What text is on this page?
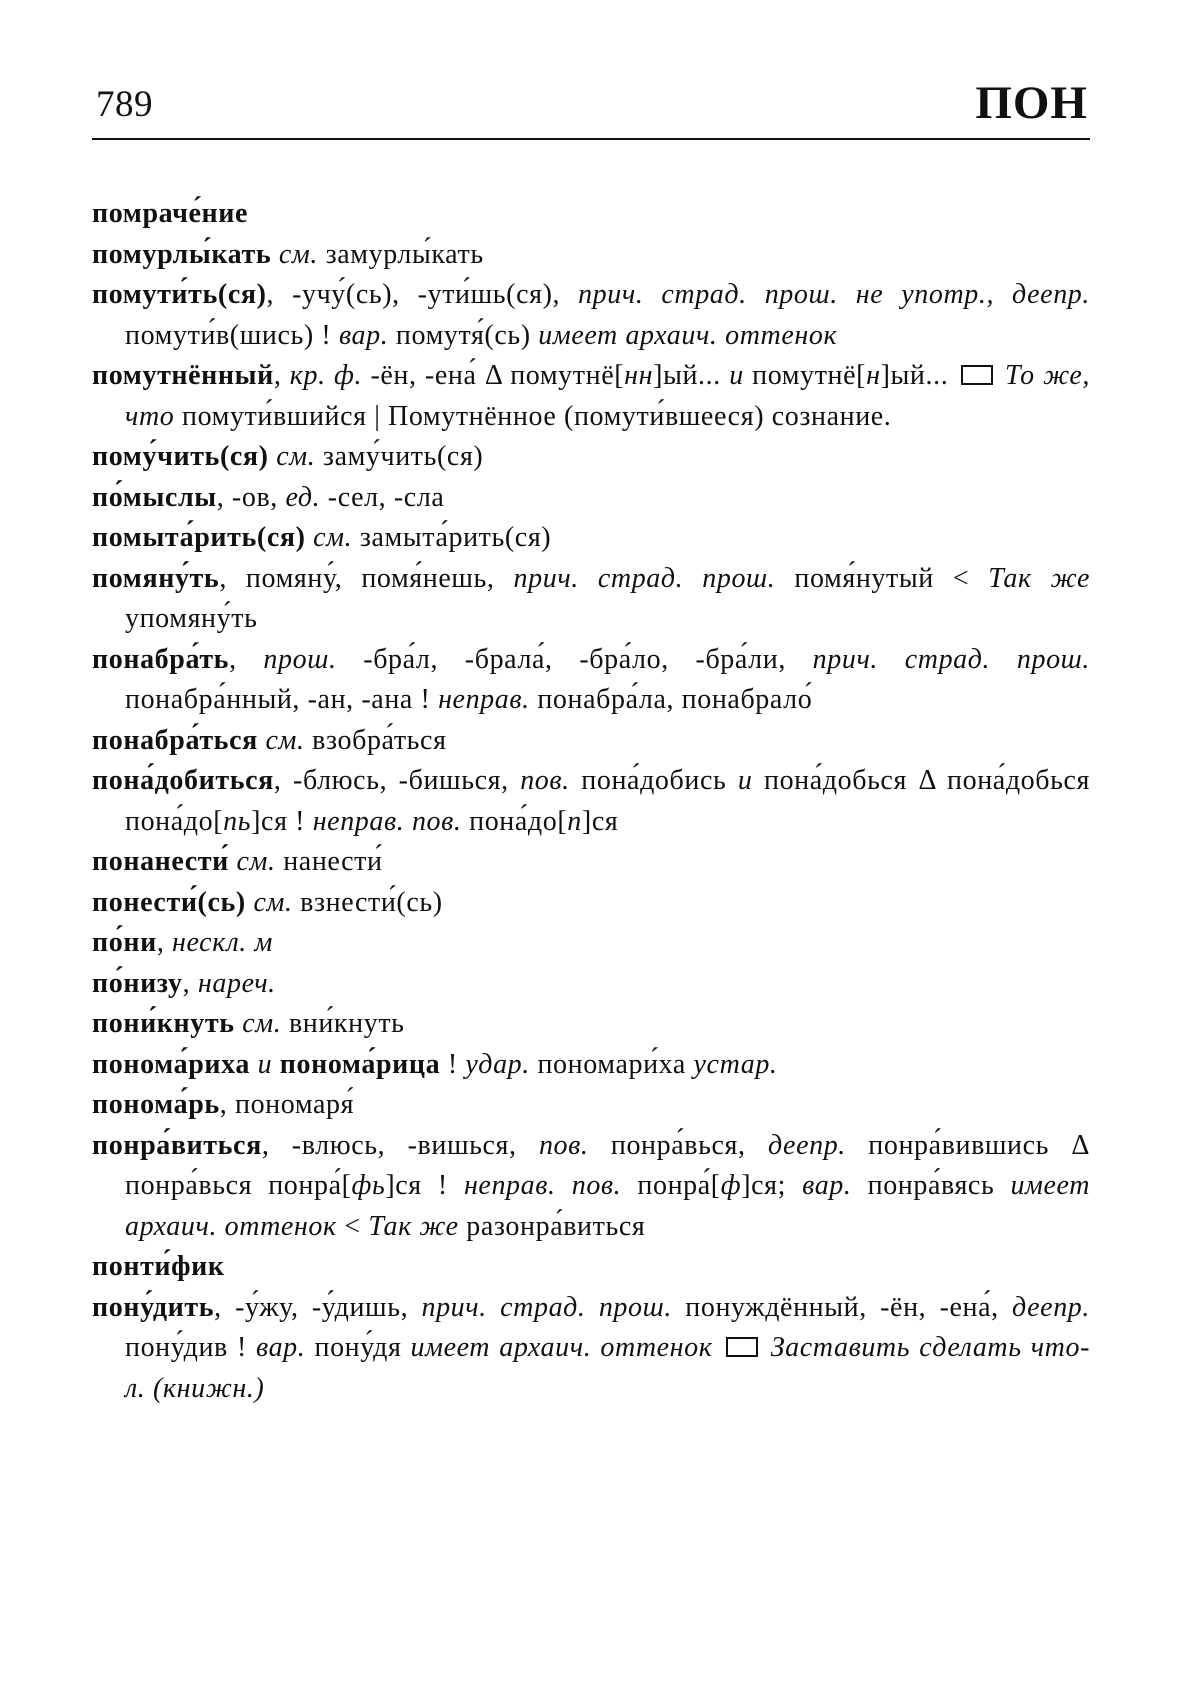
789	ПОН
помраче́ние
помурлы́кать см. замурлы́кать
помути́ть(ся), -учу́(сь), -ути́шь(ся), прич. страд. прош. не употр., деепр. помути́в(шись) ! вар. помутя́(сь) имеет архаич. оттенок
помутнённый, кр. ф. -ён, -ена́ Δ помутнё[нн]ый... и помутнё[н]ый...  То же, что помути́вшийся | Помутнённое (помути́вшееся) сознание.
пому́чить(ся) см. заму́чить(ся)
по́мыслы, -ов, ед. -сел, -сла
помыта́рить(ся) см. замыта́рить(ся)
помяну́ть, помяну́, помя́нешь, прич. страд. прош. помя́нутый < Так же упомяну́ть
понабра́ть, прош. -бра́л, -брала́, -бра́ло, -бра́ли, прич. страд. прош. понабра́нный, -ан, -ана ! неправ. понабра́ла, понабрало́
понабра́ться см. взобра́ться
пона́добиться, -блюсь, -бишься, пов. пона́добись и пона́добься Δ пона́добься пона́до[пь]ся ! неправ. пов. пона́до[п]ся
понанести́ см. нанести́
понести́(сь) см. взнести́(сь)
по́ни, нескл. м
по́низу, нареч.
пони́кнуть см. вни́кнуть
понома́риха и понома́рица ! удар. пономари́ха устар.
понома́рь, пономаря́
понра́виться, -влюсь, -вишься, пов. понра́вься, деепр. понра́вившись Δ понра́вься понра́[фь]ся ! неправ. пов. понра́[ф]ся; вар. понра́вясь имеет архаич. оттенок < Так же разонра́виться
понти́фик
пону́дить, -у́жу, -у́дишь, прич. страд. прош. понуждённый, -ён, -ена́, деепр. пону́див ! вар. пону́дя имеет архаич. оттенок Заставить сделать что-л. (книжн.)
